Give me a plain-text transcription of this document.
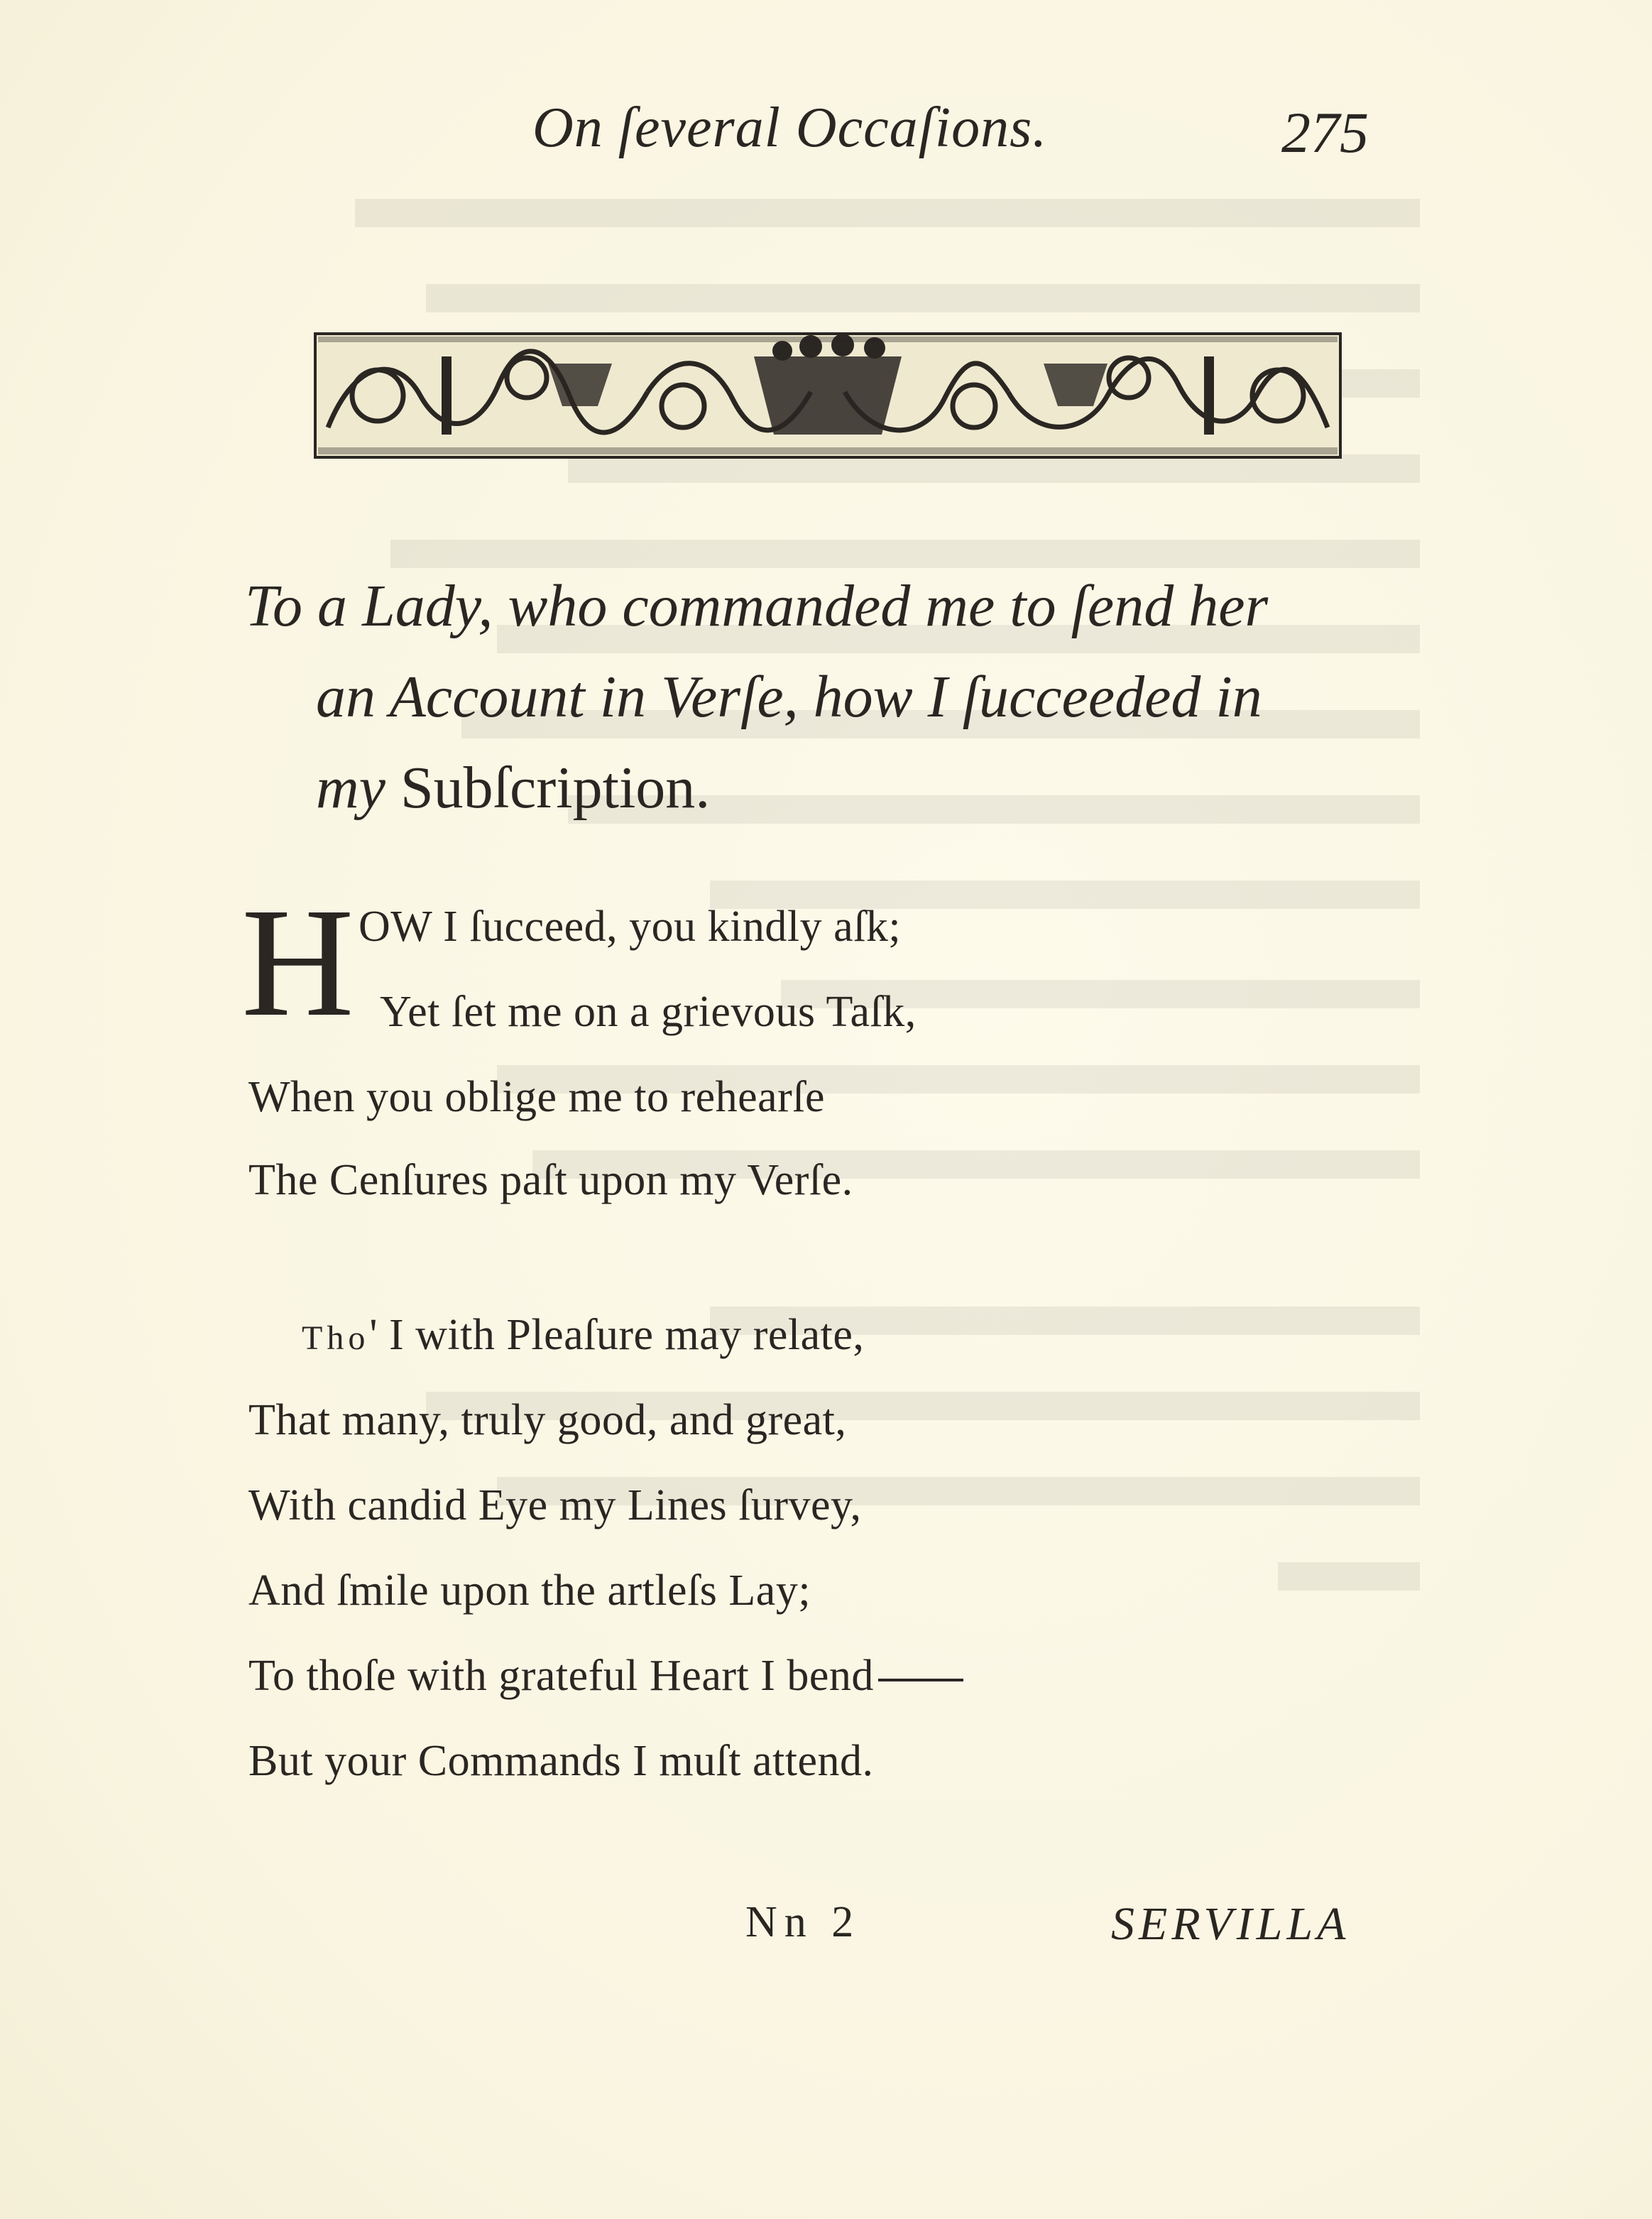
On ſeveral Occaſions.	275
To a Lady, who commanded me to ſend her
an Account in Verſe, how I ſucceeded in
my Subſcription.
H OW I ſucceed, you kindly aſk;
Yet ſet me on a grievous Taſk,
When you oblige me to rehearſe
The Cenſures paſt upon my Verſe.
Tho' I with Pleaſure may relate,
That many, truly good, and great,
With candid Eye my Lines ſurvey,
And ſmile upon the artleſs Lay;
To thoſe with grateful Heart I bend
But your Commands I muſt attend.
Nn 2	SERVILLA
